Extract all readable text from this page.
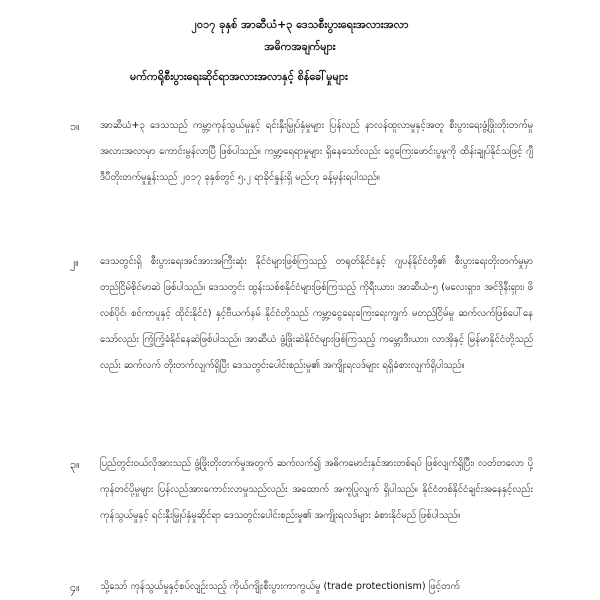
၂၀၁၇ ခုနှစ် အာဆီယံ+၃ ဒေသစီးပွားရေးအလားအလာ
အဓိကအချက်များ
မက်ကရိုစီးပွားရေးဆိုင်ရာအလားအလာနှင့် စိန်ခေါ်မှုများ
၁။ အာဆီယံ+၃ ဒေသသည် ကမ္ဘာ့ကုန်သွယ်မှုနှင့် ရင်းနှီးမြှုပ်နှံမှုများ ပြန်လည် နာလန်ထူလာမှုနှင့်အတူ စီးပွားရေးဖွံ့ဖြိုးတိုးတက်မှု အလားအလာမှာ ကောင်းမွန်လာပြီ ဖြစ်ပါသည်။ ကမ္ဘာ့ရေရာမှုများ ရှိနေသော်လည်း ငွေကြေးဖောင်းပွမှုကို ထိန်းချုပ်နိုင်သဖြင့် ဂျီဒီပီတိုးတက်မှုနှုန်းသည် ၂၀၁၇ ခုနှစ်တွင် ၅.၂ ရာခိုင်နှုန်းရှိ မည်ဟု ခန့်မှန်းရပါသည်။
၂။ ဒေသတွင်းရှိ စီးပွားရေးအင်အားအကြီးဆုံး နိုင်ငံများဖြစ်ကြသည့် တရုတ်နိုင်ငံနှင့် ဂျပန်နိုင်ငံတို့၏ စီးပွားရေးတိုးတက်မှုမှာ တည်ငြိမ်စိုင်မာဆဲ ဖြစ်ပါသည်။ ဒေသတွင်း ထွန်းသစ်စနိုင်ငံများဖြစ်ကြသည့် ကိုရီးယား၊ အာဆီယံ-၅ (မလေးရှား၊ အင်ဒိုနီးရှား၊ ဖိလစ်ပိုင်၊ စင်ကာပူနှင့် ထိုင်းနိုင်ငံ) နှင့်ဗီယက်နမ် နိုင်ငံတို့သည် ကမ္ဘာ့ငွေရေးကြေးရေးကျွက် မတည်ငြိမ်မှု ဆက်လက်ဖြစ်ပေါ်နေသော်လည်း ကြံ့ကြံ့ခံနိုင်နေဆဲဖြစ်ပါသည်။ အာဆီယံ ဖွံ့ဖြိုးဆဲနိုင်ငံများဖြစ်ကြသည့် ကမ္ဘောဒီးယား၊ လာအိုနှင့် မြန်မာနိုင်ငံတို့သည်လည်း ဆက်လက် တိုးတက်လျက်ရှိပြီး ဒေသတွင်းပေါင်းစည်းမှု၏ အကျိုးရလဒ်များ ရရှိခံစားလျက်ရှိပါသည်။
၃။ ပြည်တွင်းဝယ်လိုအားသည် ဖွံ့ဖြိုးတိုးတက်မှုအတွက် ဆက်လက်၍ အဓိကမောင်းနှင်အားတစ်ရပ် ဖြစ်လျက်ရှိပြီး၊ လတ်တလော ပို့ကုန်တင်ပို့မှုများ ပြန်လည်အားကောင်းလာမှုသည်လည်း အထောက် အကူပြုလျက် ရှိပါသည်။ နိုင်ငံတစ်နိုင်ငံချင်းအနေနှင့်လည်း ကုန်သွယ်မှုနှင့် ရင်းနှီးမြှုပ်နှံမှုဆိုင်ရာ ဒေသတွင်းပေါင်းစည်းမှု၏ အကျိုးရလဒ်များ ခံစားနိုင်မည် ဖြစ်ပါသည်။
၄။ သို့သော် ကုန်သွယ်မှုနှင့်စပ်လျဉ်းသည့် ကိုယ်ကျိုးစီးပွားကာကွယ်မှု (trade protectionism) ဖြင့်တက်
